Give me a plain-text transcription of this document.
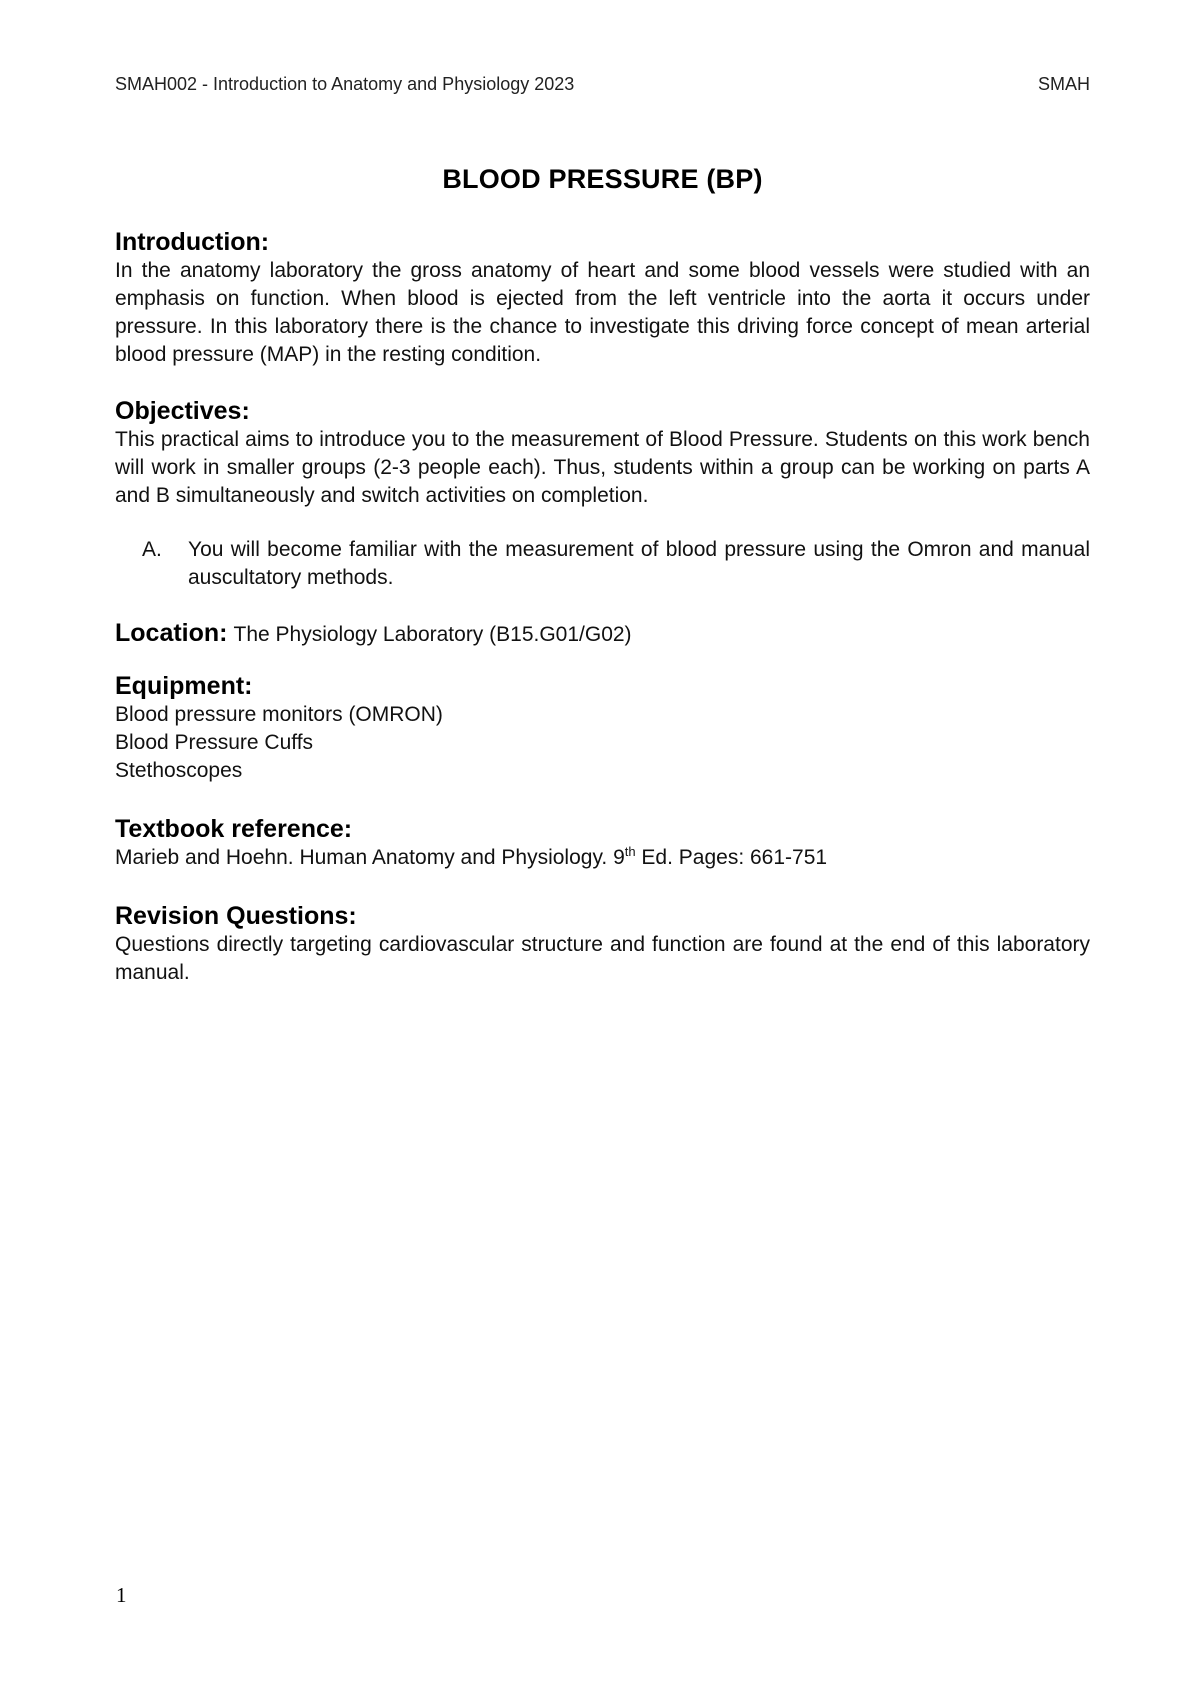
SMAH002 - Introduction to Anatomy and Physiology 2023	SMAH
BLOOD PRESSURE (BP)
Introduction:

In the anatomy laboratory the gross anatomy of heart and some blood vessels were studied with an emphasis on function. When blood is ejected from the left ventricle into the aorta it occurs under pressure. In this laboratory there is the chance to investigate this driving force concept of mean arterial blood pressure (MAP) in the resting condition.

Objectives:

This practical aims to introduce you to the measurement of Blood Pressure. Students on this work bench will work in smaller groups (2-3 people each). Thus, students within a group can be working on parts A and B simultaneously and switch activities on completion.

A.	You will become familiar with the measurement of blood pressure using the Omron and manual auscultatory methods.
Location: The Physiology Laboratory (B15.G01/G02)

Equipment:
Blood pressure monitors (OMRON)
Blood Pressure Cuffs
Stethoscopes
Textbook reference:

Marieb and Hoehn. Human Anatomy and Physiology. 9th Ed. Pages: 661-751

Revision Questions:

Questions directly targeting cardiovascular structure and function are found at the end of this laboratory manual.

1
